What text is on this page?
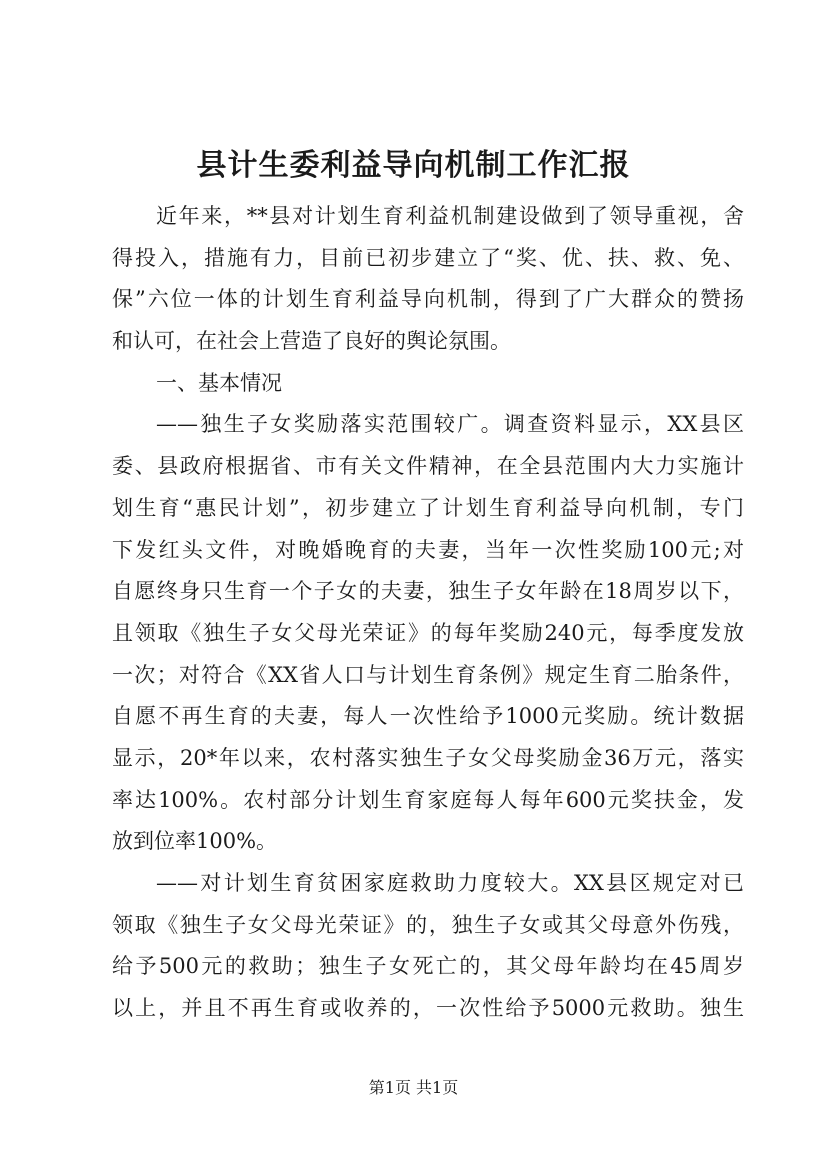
县计生委利益导向机制工作汇报
近年来，**县对计划生育利益机制建设做到了领导重视，舍
得投入，措施有力，目前已初步建立了“奖、优、扶、救、免、
保”六位一体的计划生育利益导向机制，得到了广大群众的赞扬
和认可，在社会上营造了良好的舆论氛围。
一、基本情况
——独生子女奖励落实范围较广。调查资料显示，XX县区
委、县政府根据省、市有关文件精神，在全县范围内大力实施计
划生育“惠民计划”，初步建立了计划生育利益导向机制，专门
下发红头文件，对晚婚晚育的夫妻，当年一次性奖励100元;对
自愿终身只生育一个子女的夫妻，独生子女年龄在18周岁以下，
且领取《独生子女父母光荣证》的每年奖励240元，每季度发放
一次；对符合《XX省人口与计划生育条例》规定生育二胎条件，
自愿不再生育的夫妻，每人一次性给予1000元奖励。统计数据
显示，20*年以来，农村落实独生子女父母奖励金36万元，落实
率达100%。农村部分计划生育家庭每人每年600元奖扶金，发
放到位率100%。
——对计划生育贫困家庭救助力度较大。XX县区规定对已
领取《独生子女父母光荣证》的，独生子女或其父母意外伤残，
给予500元的救助；独生子女死亡的，其父母年龄均在45周岁
以上，并且不再生育或收养的，一次性给予5000元救助。独生
第1页 共1页
